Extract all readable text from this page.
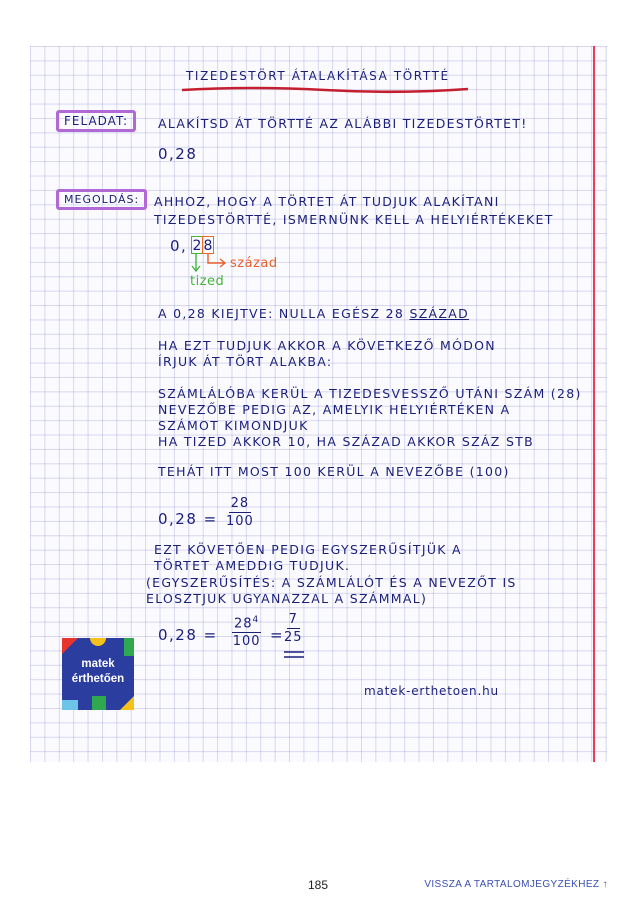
TIZEDESTÖRT ÁTALAKÍTÁSA TÖRTTÉ

FELADAT:	ALAKÍTSD ÁT TÖRTTÉ AZ ALÁBBI TIZEDESTÖRTET!

0,28

MEGOLDÁS:	AHHOZ, HOGY A TÖRTET ÁT TUDJUK ALAKÍTANI

TIZEDESTÖRTTÉ, ISMERNÜNK KELL A HELYIÉRTÉKEKET

0, 2 8

század

tized

A 0,28 KIEJTVE: NULLA EGÉSZ 28 SZÁZAD

HA EZT TUDJUK AKKOR A KÖVETKEZŐ MÓDON

ÍRJUK ÁT TÖRT ALAKBA:

SZÁMLÁLÓBA KERÜL A TIZEDESVESSZŐ UTÁNI SZÁM (28)

NEVEZŐBE PEDIG AZ, AMELYIK HELYIÉRTÉKEN A

SZÁMOT KIMONDJUK

HA TIZED AKKOR 10, HA SZÁZAD AKKOR SZÁZ STB

TEHÁT ITT MOST 100 KERÜL A NEVEZŐBE (100)

$0,28 = \frac{28}{100}$

EZT KÖVETŐEN PEDIG EGYSZERŰSÍTJÜK A

TÖRTET AMEDDIG TUDJUK.

(EGYSZERŰSÍTÉS: A SZÁMLÁLÓT ÉS A NEVEZŐT IS

ELOSZTJUK UGYANAZZAL A SZÁMMAL)

$0,28 = \frac{28^4}{100} = \frac{7}{25}$

matek-erthetoen.hu

matek
érthetően
185	VISSZA A TARTALOMJEGYZÉKHEZ ↑
